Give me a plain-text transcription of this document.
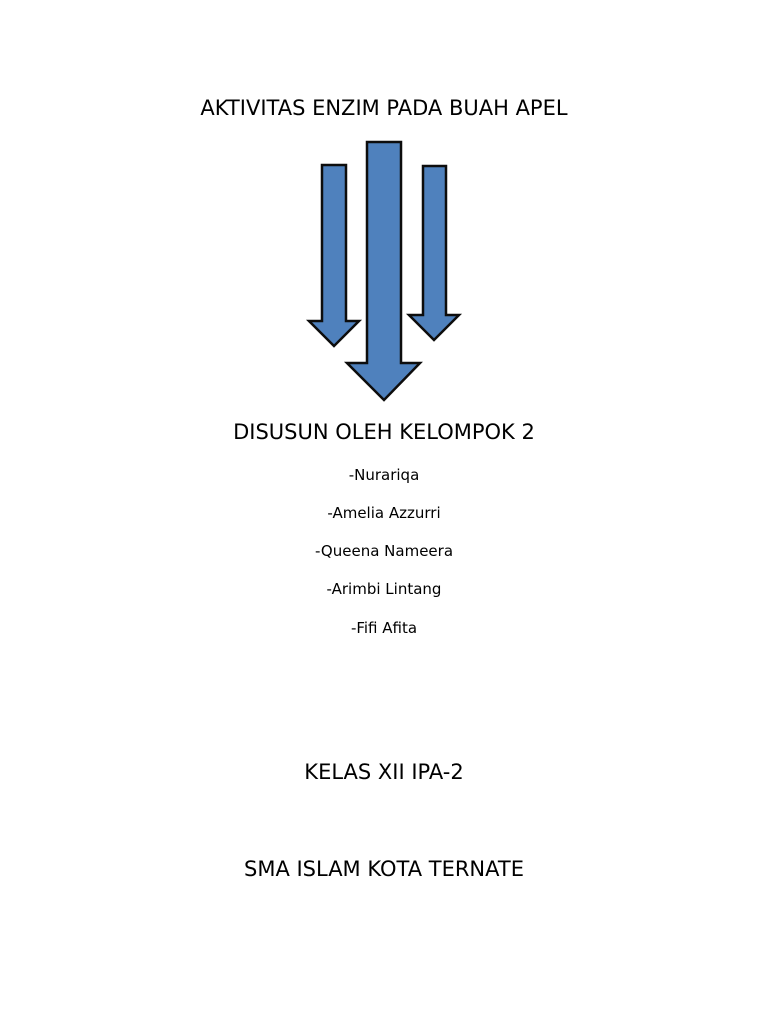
AKTIVITAS ENZIM PADA BUAH APEL
DISUSUN OLEH KELOMPOK 2
-Nurariqa
-Amelia Azzurri
-Queena Nameera
-Arimbi Lintang
-Fifi Afita
KELAS XII IPA-2
SMA ISLAM KOTA TERNATE
